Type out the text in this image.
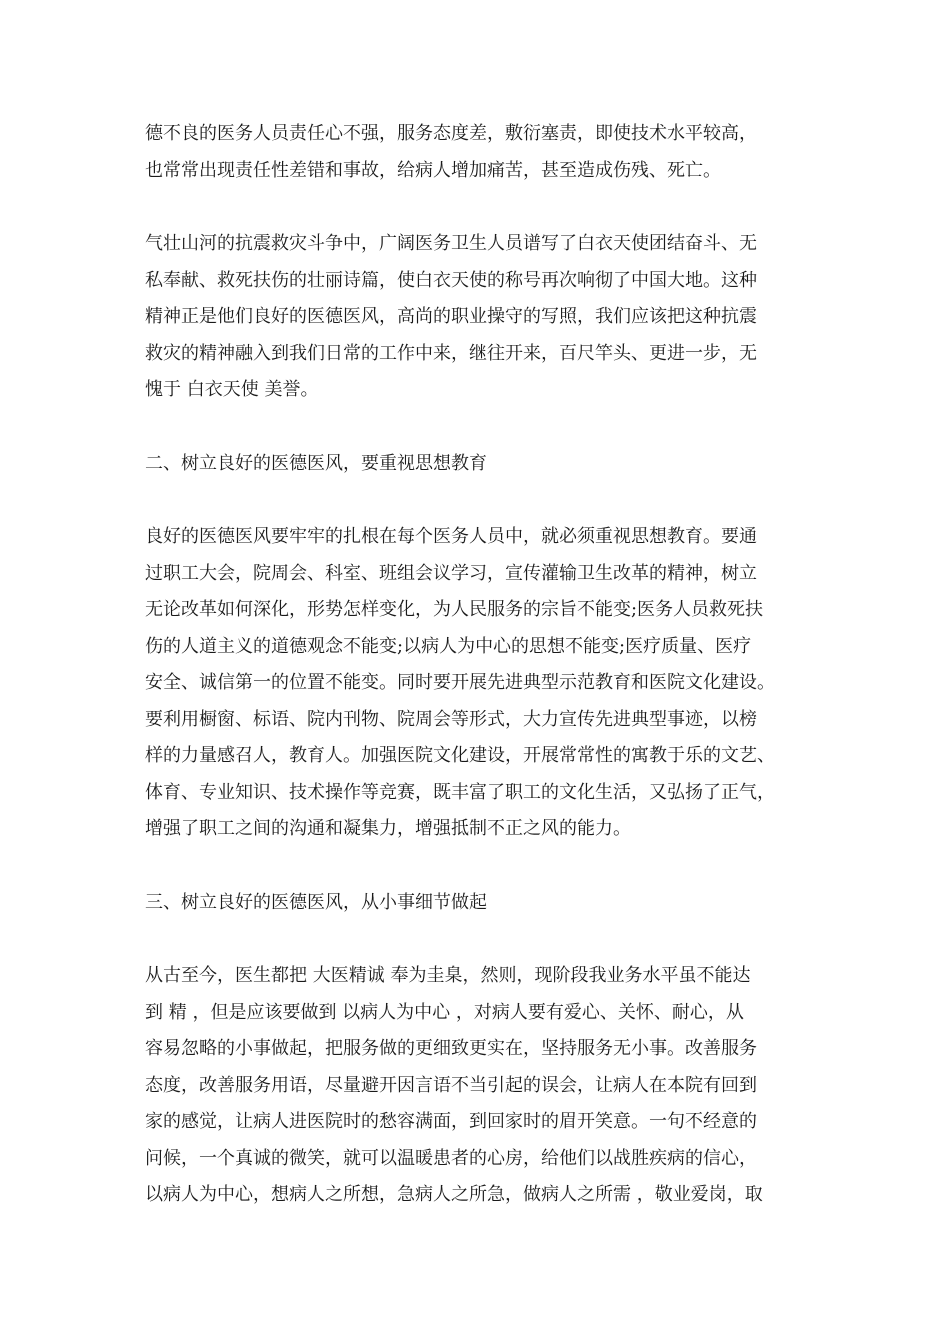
德不良的医务人员责任心不强，服务态度差，敷衍塞责，即使技术水平较高，
也常常出现责任性差错和事故，给病人增加痛苦，甚至造成伤残、死亡。
气壮山河的抗震救灾斗争中，广阔医务卫生人员谱写了白衣天使团结奋斗、无
私奉献、救死扶伤的壮丽诗篇，使白衣天使的称号再次响彻了中国大地。这种
精神正是他们良好的医德医风，高尚的职业操守的写照，我们应该把这种抗震
救灾的精神融入到我们日常的工作中来，继往开来，百尺竿头、更进一步，无
愧于 白衣天使 美誉。
二、树立良好的医德医风，要重视思想教育
良好的医德医风要牢牢的扎根在每个医务人员中，就必须重视思想教育。要通
过职工大会，院周会、科室、班组会议学习，宣传灌输卫生改革的精神，树立
无论改革如何深化，形势怎样变化，为人民服务的宗旨不能变;医务人员救死扶
伤的人道主义的道德观念不能变;以病人为中心的思想不能变;医疗质量、医疗
安全、诚信第一的位置不能变。同时要开展先进典型示范教育和医院文化建设。
要利用橱窗、标语、院内刊物、院周会等形式，大力宣传先进典型事迹，以榜
样的力量感召人，教育人。加强医院文化建设，开展常常性的寓教于乐的文艺、
体育、专业知识、技术操作等竞赛，既丰富了职工的文化生活，又弘扬了正气，
增强了职工之间的沟通和凝集力，增强抵制不正之风的能力。
三、树立良好的医德医风，从小事细节做起
从古至今，医生都把 大医精诚 奉为圭臬，然则，现阶段我业务水平虽不能达
到 精 ，但是应该要做到 以病人为中心 ，对病人要有爱心、关怀、耐心，从
容易忽略的小事做起，把服务做的更细致更实在，坚持服务无小事。改善服务
态度，改善服务用语，尽量避开因言语不当引起的误会，让病人在本院有回到
家的感觉，让病人进医院时的愁容满面，到回家时的眉开笑意。一句不经意的
问候，一个真诚的微笑，就可以温暖患者的心房，给他们以战胜疾病的信心，
以病人为中心，想病人之所想，急病人之所急，做病人之所需 ，敬业爱岗，取
